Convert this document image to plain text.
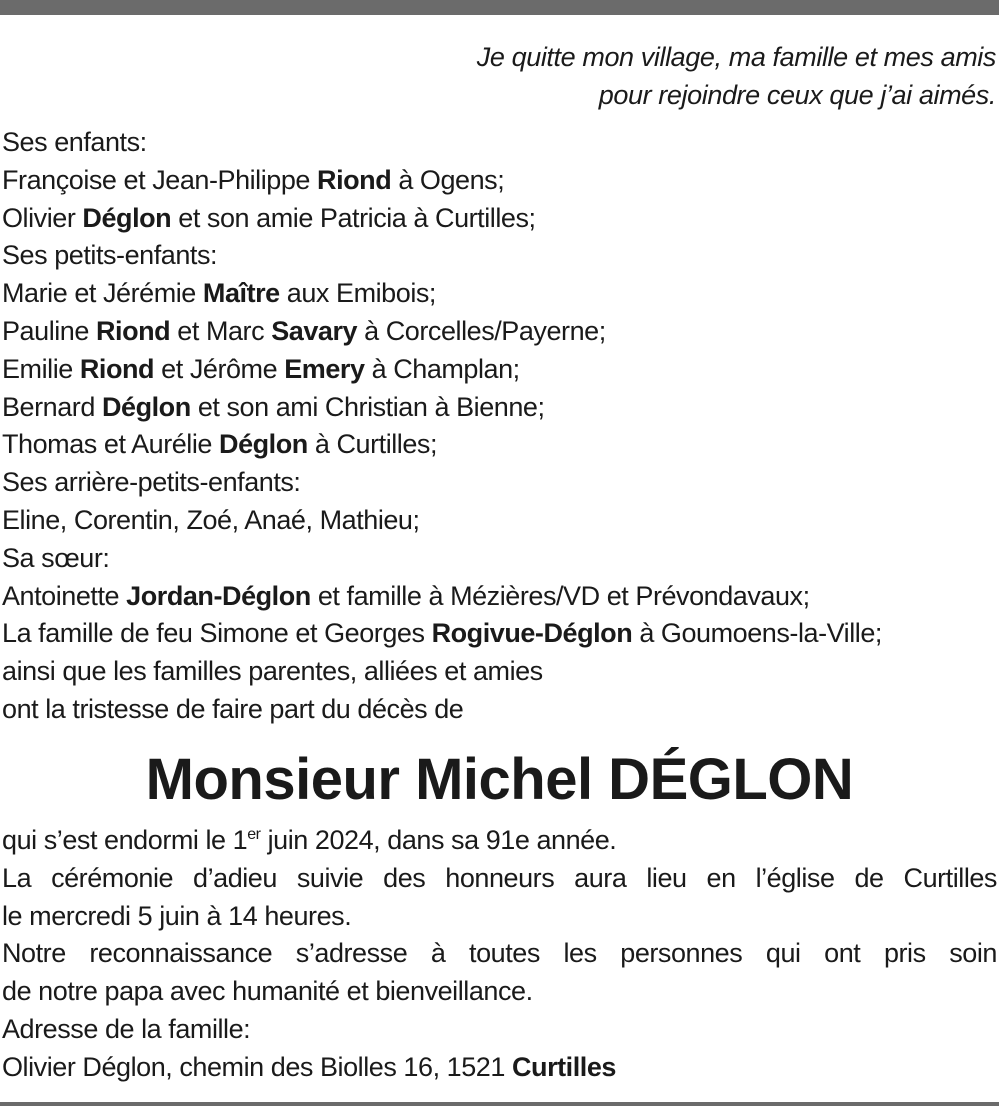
Je quitte mon village, ma famille et mes amis
pour rejoindre ceux que j’ai aimés.
Ses enfants:
Françoise et Jean-Philippe Riond à Ogens;
Olivier Déglon et son amie Patricia à Curtilles;
Ses petits-enfants:
Marie et Jérémie Maître aux Emibois;
Pauline Riond et Marc Savary à Corcelles/Payerne;
Emilie Riond et Jérôme Emery à Champlan;
Bernard Déglon et son ami Christian à Bienne;
Thomas et Aurélie Déglon à Curtilles;
Ses arrière-petits-enfants:
Eline, Corentin, Zoé, Anaé, Mathieu;
Sa sœur:
Antoinette Jordan-Déglon et famille à Mézières/VD et Prévondavaux;
La famille de feu Simone et Georges Rogivue-Déglon à Goumoens-la-Ville;
ainsi que les familles parentes, alliées et amies
ont la tristesse de faire part du décès de
Monsieur Michel DÉGLON
qui s’est endormi le 1er juin 2024, dans sa 91e année.
La cérémonie d’adieu suivie des honneurs aura lieu en l’église de Curtilles
le mercredi 5 juin à 14 heures.
Notre reconnaissance s’adresse à toutes les personnes qui ont pris soin
de notre papa avec humanité et bienveillance.
Adresse de la famille:
Olivier Déglon, chemin des Biolles 16, 1521 Curtilles
